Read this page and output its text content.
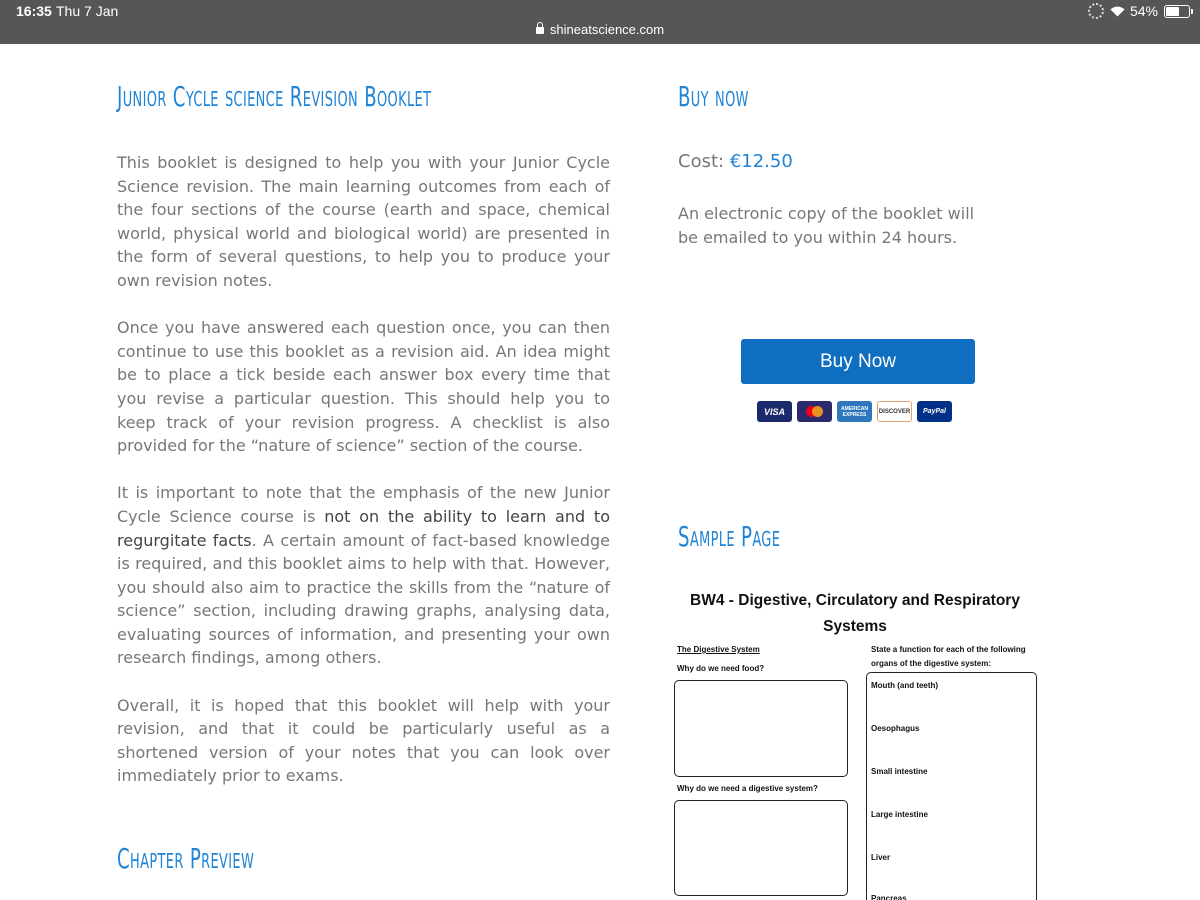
16:35 Thu 7 Jan
shineatscience.com
54%
Junior Cycle science Revision Booklet

This booklet is designed to help you with your Junior Cycle Science revision. The main learning outcomes from each of the four sections of the course (earth and space, chemical world, physical world and biological world) are presented in the form of several questions, to help you to produce your own revision notes.

Once you have answered each question once, you can then continue to use this booklet as a revision aid. An idea might be to place a tick beside each answer box every time that you revise a particular question. This should help you to keep track of your revision progress. A checklist is also provided for the “nature of science” section of the course.

It is important to note that the emphasis of the new Junior Cycle Science course is not on the ability to learn and to regurgitate facts. A certain amount of fact-based knowledge is required, and this booklet aims to help with that. However, you should also aim to practice the skills from the “nature of science” section, including drawing graphs, analysing data, evaluating sources of information, and presenting your own research findings, among others.

Overall, it is hoped that this booklet will help with your revision, and that it could be particularly useful as a shortened version of your notes that you can look over immediately prior to exams.

Chapter Preview
Buy now
Cost: €12.50
An electronic copy of the booklet will be emailed to you within 24 hours.
Buy Now
VISA	AMERICAN
EXPRESS	DISCOVER	PayPal
Sample Page
BW4 - Digestive, Circulatory and Respiratory
Systems
The Digestive System
Why do we need food?
Why do we need a digestive system?
State a function for each of the following
organs of the digestive system:
Mouth (and teeth)
Oesophagus
Small intestine
Large intestine
Liver
Pancreas
